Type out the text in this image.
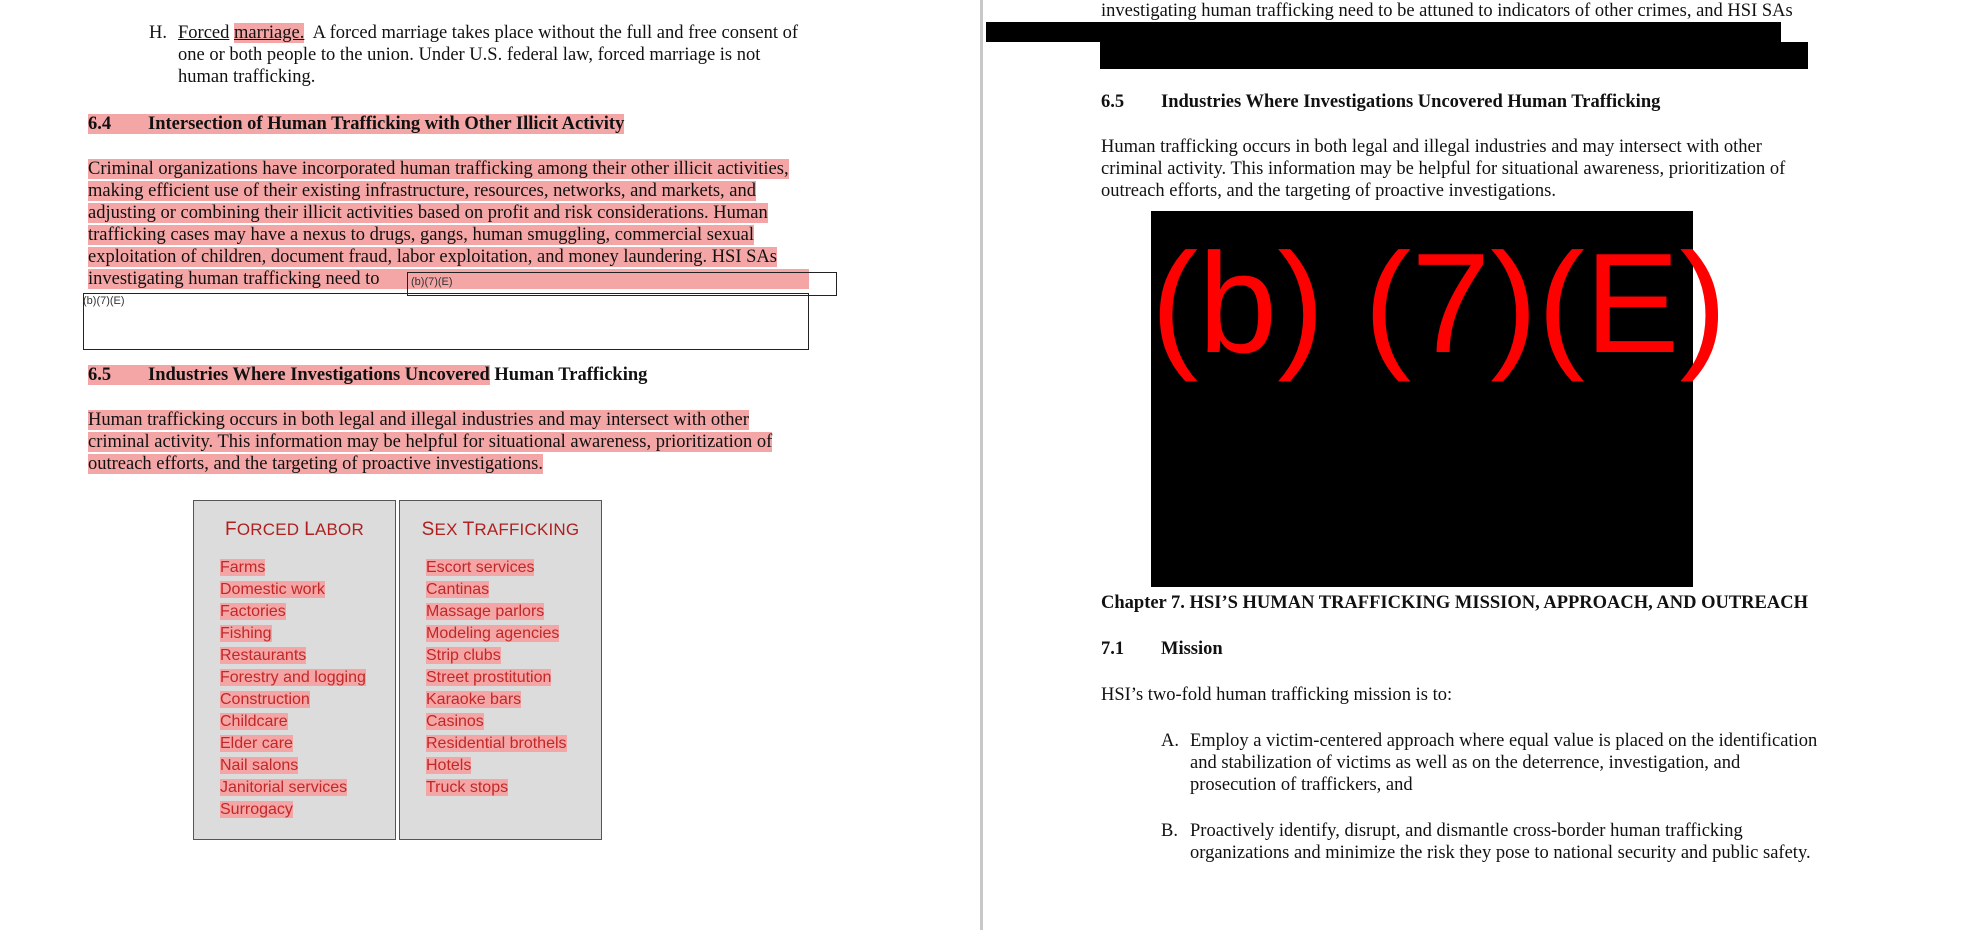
H. Forced marriage. A forced marriage takes place without the full and free consent of
one or both people to the union. Under U.S. federal law, forced marriage is not
human trafficking.
6.4 Intersection of Human Trafficking with Other Illicit Activity
Criminal organizations have incorporated human trafficking among their other illicit activities,
making efficient use of their existing infrastructure, resources, networks, and markets, and
adjusting or combining their illicit activities based on profit and risk considerations. Human
trafficking cases may have a nexus to drugs, gangs, human smuggling, commercial sexual
exploitation of children, document fraud, labor exploitation, and money laundering. HSI SAs
investigating human trafficking need to	(b)(7)(E)
(b)(7)(E)
6.5 Industries Where Investigations Uncovered Human Trafficking
Human trafficking occurs in both legal and illegal industries and may intersect with other
criminal activity. This information may be helpful for situational awareness, prioritization of
outreach efforts, and the targeting of proactive investigations.
FORCED LABOR
Farms
Domestic work
Factories
Fishing
Restaurants
Forestry and logging
Construction
Childcare
Elder care
Nail salons
Janitorial services
Surrogacy
SEX TRAFFICKING
Escort services
Cantinas
Massage parlors
Modeling agencies
Strip clubs
Street prostitution
Karaoke bars
Casinos
Residential brothels
Hotels
Truck stops
investigating human trafficking need to be attuned to indicators of other crimes, and HSI SAs
6.5 Industries Where Investigations Uncovered Human Trafficking
Human trafficking occurs in both legal and illegal industries and may intersect with other
criminal activity. This information may be helpful for situational awareness, prioritization of
outreach efforts, and the targeting of proactive investigations.
(b) (7)(E)
Chapter 7. HSI’S HUMAN TRAFFICKING MISSION, APPROACH, AND OUTREACH
7.1 Mission
HSI’s two-fold human trafficking mission is to:
A. Employ a victim-centered approach where equal value is placed on the identification
and stabilization of victims as well as on the deterrence, investigation, and
prosecution of traffickers, and
B. Proactively identify, disrupt, and dismantle cross-border human trafficking
organizations and minimize the risk they pose to national security and public safety.
